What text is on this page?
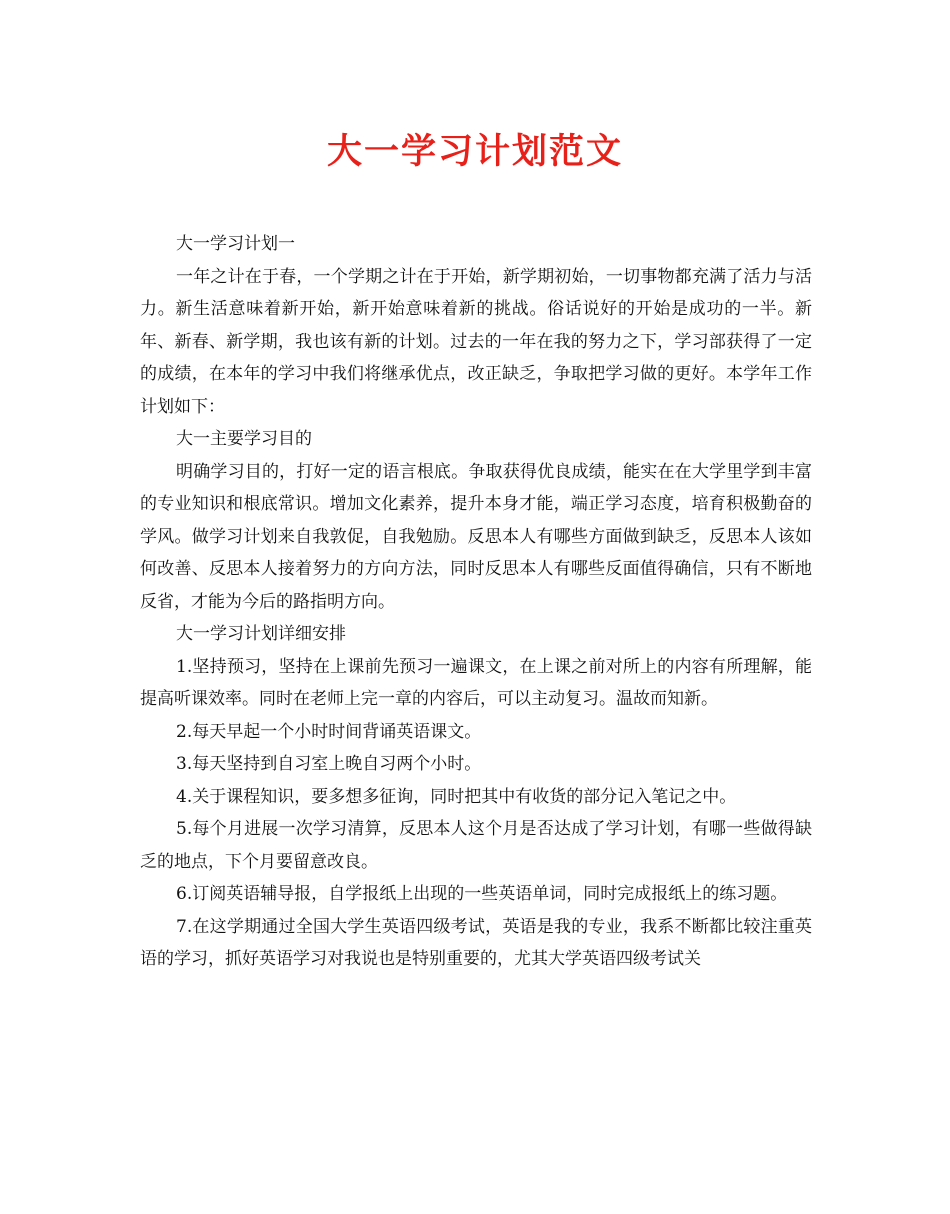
大一学习计划范文

大一学习计划一

一年之计在于春，一个学期之计在于开始，新学期初始，一切事物都充满了活力与活力。新生活意味着新开始，新开始意味着新的挑战。俗话说好的开始是成功的一半。新年、新春、新学期，我也该有新的计划。过去的一年在我的努力之下，学习部获得了一定的成绩，在本年的学习中我们将继承优点，改正缺乏，争取把学习做的更好。本学年工作计划如下：

大一主要学习目的

明确学习目的，打好一定的语言根底。争取获得优良成绩，能实在在大学里学到丰富的专业知识和根底常识。增加文化素养，提升本身才能，端正学习态度，培育积极勤奋的学风。做学习计划来自我敦促，自我勉励。反思本人有哪些方面做到缺乏，反思本人该如何改善、反思本人接着努力的方向方法，同时反思本人有哪些反面值得确信，只有不断地反省，才能为今后的路指明方向。

大一学习计划详细安排

1.坚持预习，坚持在上课前先预习一遍课文，在上课之前对所上的内容有所理解，能提高听课效率。同时在老师上完一章的内容后，可以主动复习。温故而知新。

2.每天早起一个小时时间背诵英语课文。

3.每天坚持到自习室上晚自习两个小时。

4.关于课程知识，要多想多征询，同时把其中有收货的部分记入笔记之中。

5.每个月进展一次学习清算，反思本人这个月是否达成了学习计划，有哪一些做得缺乏的地点，下个月要留意改良。

6.订阅英语辅导报，自学报纸上出现的一些英语单词，同时完成报纸上的练习题。

7.在这学期通过全国大学生英语四级考试，英语是我的专业，我系不断都比较注重英语的学习，抓好英语学习对我说也是特别重要的，尤其大学英语四级考试关
